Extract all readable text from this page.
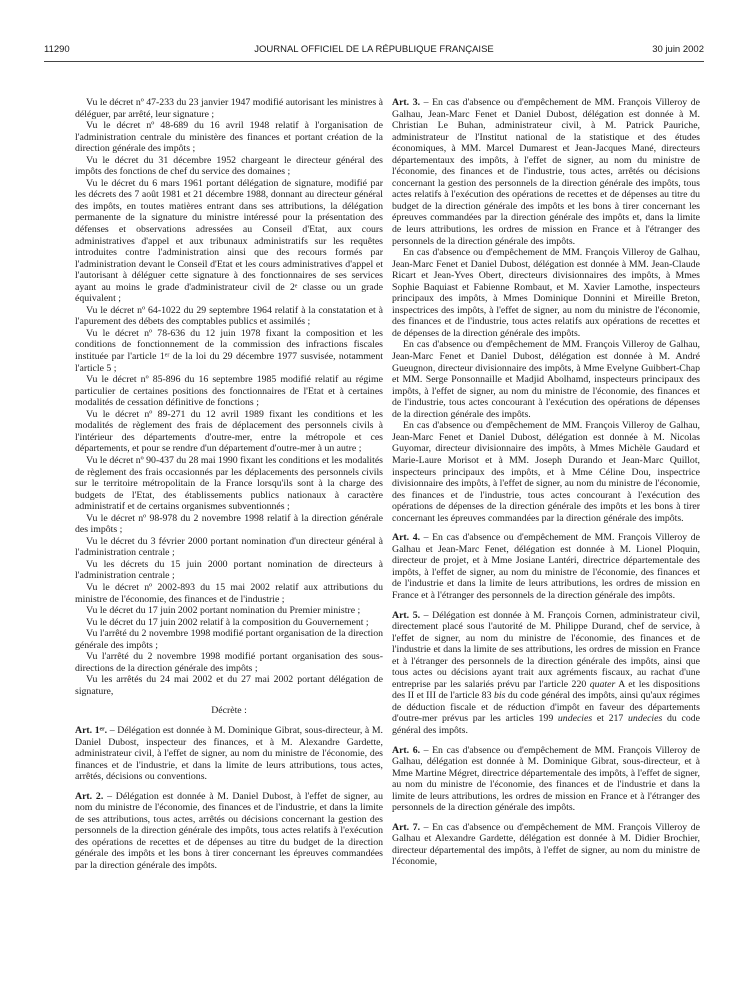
11290	JOURNAL OFFICIEL DE LA RÉPUBLIQUE FRANÇAISE	30 juin 2002

Vu le décret nº 47-233 du 23 janvier 1947 modifié autorisant les ministres à déléguer, par arrêté, leur signature ;

Vu le décret nº 48-689 du 16 avril 1948 relatif à l'organisation de l'administration centrale du ministère des finances et portant création de la direction générale des impôts ;

Vu le décret du 31 décembre 1952 chargeant le directeur général des impôts des fonctions de chef du service des domaines ;

Vu le décret du 6 mars 1961 portant délégation de signature, modifié par les décrets des 7 août 1981 et 21 décembre 1988, donnant au directeur général des impôts, en toutes matières entrant dans ses attributions, la délégation permanente de la signature du ministre intéressé pour la présentation des défenses et observations adressées au Conseil d'Etat, aux cours administratives d'appel et aux tribunaux administratifs sur les requêtes introduites contre l'administration ainsi que des recours formés par l'administration devant le Conseil d'Etat et les cours administratives d'appel et l'autorisant à déléguer cette signature à des fonctionnaires de ses services ayant au moins le grade d'administrateur civil de 2ᵉ classe ou un grade équivalent ;

Vu le décret nº 64-1022 du 29 septembre 1964 relatif à la constatation et à l'apurement des débets des comptables publics et assimilés ;

Vu le décret nº 78-636 du 12 juin 1978 fixant la composition et les conditions de fonctionnement de la commission des infractions fiscales instituée par l'article 1ᵉʳ de la loi du 29 décembre 1977 susvisée, notamment l'article 5 ;

Vu le décret nº 85-896 du 16 septembre 1985 modifié relatif au régime particulier de certaines positions des fonctionnaires de l'Etat et à certaines modalités de cessation définitive de fonctions ;

Vu le décret nº 89-271 du 12 avril 1989 fixant les conditions et les modalités de règlement des frais de déplacement des personnels civils à l'intérieur des départements d'outre-mer, entre la métropole et ces départements, et pour se rendre d'un département d'outre-mer à un autre ;

Vu le décret nº 90-437 du 28 mai 1990 fixant les conditions et les modalités de règlement des frais occasionnés par les déplacements des personnels civils sur le territoire métropolitain de la France lorsqu'ils sont à la charge des budgets de l'Etat, des établissements publics nationaux à caractère administratif et de certains organismes subventionnés ;

Vu le décret nº 98-978 du 2 novembre 1998 relatif à la direction générale des impôts ;

Vu le décret du 3 février 2000 portant nomination d'un directeur général à l'administration centrale ;

Vu les décrets du 15 juin 2000 portant nomination de directeurs à l'administration centrale ;

Vu le décret nº 2002-893 du 15 mai 2002 relatif aux attributions du ministre de l'économie, des finances et de l'industrie ;

Vu le décret du 17 juin 2002 portant nomination du Premier ministre ;

Vu le décret du 17 juin 2002 relatif à la composition du Gouvernement ;

Vu l'arrêté du 2 novembre 1998 modifié portant organisation de la direction générale des impôts ;

Vu l'arrêté du 2 novembre 1998 modifié portant organisation des sous-directions de la direction générale des impôts ;

Vu les arrêtés du 24 mai 2002 et du 27 mai 2002 portant délégation de signature,

Décrète :

Art. 1ᵉʳ. – Délégation est donnée à M. Dominique Gibrat, sous-directeur, à M. Daniel Dubost, inspecteur des finances, et à M. Alexandre Gardette, administrateur civil, à l'effet de signer, au nom du ministre de l'économie, des finances et de l'industrie, et dans la limite de leurs attributions, tous actes, arrêtés, décisions ou conventions.

Art. 2. – Délégation est donnée à M. Daniel Dubost, à l'effet de signer, au nom du ministre de l'économie, des finances et de l'industrie, et dans la limite de ses attributions, tous actes, arrêtés ou décisions concernant la gestion des personnels de la direction générale des impôts, tous actes relatifs à l'exécution des opérations de recettes et de dépenses au titre du budget de la direction générale des impôts et les bons à tirer concernant les épreuves commandées par la direction générale des impôts.

Art. 3. – En cas d'absence ou d'empêchement de MM. François Villeroy de Galhau, Jean-Marc Fenet et Daniel Dubost, délégation est donnée à M. Christian Le Buhan, administrateur civil, à M. Patrick Pauriche, administrateur de l'Institut national de la statistique et des études économiques, à MM. Marcel Dumarest et Jean-Jacques Mané, directeurs départementaux des impôts, à l'effet de signer, au nom du ministre de l'économie, des finances et de l'industrie, tous actes, arrêtés ou décisions concernant la gestion des personnels de la direction générale des impôts, tous actes relatifs à l'exécution des opérations de recettes et de dépenses au titre du budget de la direction générale des impôts et les bons à tirer concernant les épreuves commandées par la direction générale des impôts et, dans la limite de leurs attributions, les ordres de mission en France et à l'étranger des personnels de la direction générale des impôts.

En cas d'absence ou d'empêchement de MM. François Villeroy de Galhau, Jean-Marc Fenet et Daniel Dubost, délégation est donnée à MM. Jean-Claude Ricart et Jean-Yves Obert, directeurs divisionnaires des impôts, à Mmes Sophie Baquiast et Fabienne Rombaut, et M. Xavier Lamothe, inspecteurs principaux des impôts, à Mmes Dominique Donnini et Mireille Breton, inspectrices des impôts, à l'effet de signer, au nom du ministre de l'économie, des finances et de l'industrie, tous actes relatifs aux opérations de recettes et de dépenses de la direction générale des impôts.

En cas d'absence ou d'empêchement de MM. François Villeroy de Galhau, Jean-Marc Fenet et Daniel Dubost, délégation est donnée à M. André Gueugnon, directeur divisionnaire des impôts, à Mme Evelyne Guibbert-Chap et MM. Serge Ponsonnaille et Madjid Abolhamd, inspecteurs principaux des impôts, à l'effet de signer, au nom du ministre de l'économie, des finances et de l'industrie, tous actes concourant à l'exécution des opérations de dépenses de la direction générale des impôts.

En cas d'absence ou d'empêchement de MM. François Villeroy de Galhau, Jean-Marc Fenet et Daniel Dubost, délégation est donnée à M. Nicolas Guyomar, directeur divisionnaire des impôts, à Mmes Michèle Gaudard et Marie-Laure Morisot et à MM. Joseph Durando et Jean-Marc Quillot, inspecteurs principaux des impôts, et à Mme Céline Dou, inspectrice divisionnaire des impôts, à l'effet de signer, au nom du ministre de l'économie, des finances et de l'industrie, tous actes concourant à l'exécution des opérations de dépenses de la direction générale des impôts et les bons à tirer concernant les épreuves commandées par la direction générale des impôts.

Art. 4. – En cas d'absence ou d'empêchement de MM. François Villeroy de Galhau et Jean-Marc Fenet, délégation est donnée à M. Lionel Ploquin, directeur de projet, et à Mme Josiane Lantéri, directrice départementale des impôts, à l'effet de signer, au nom du ministre de l'économie, des finances et de l'industrie et dans la limite de leurs attributions, les ordres de mission en France et à l'étranger des personnels de la direction générale des impôts.

Art. 5. – Délégation est donnée à M. François Cornen, administrateur civil, directement placé sous l'autorité de M. Philippe Durand, chef de service, à l'effet de signer, au nom du ministre de l'économie, des finances et de l'industrie et dans la limite de ses attributions, les ordres de mission en France et à l'étranger des personnels de la direction générale des impôts, ainsi que tous actes ou décisions ayant trait aux agréments fiscaux, au rachat d'une entreprise par les salariés prévu par l'article 220 quater A et les dispositions des II et III de l'article 83 bis du code général des impôts, ainsi qu'aux régimes de déduction fiscale et de réduction d'impôt en faveur des départements d'outre-mer prévus par les articles 199 undecies et 217 undecies du code général des impôts.

Art. 6. – En cas d'absence ou d'empêchement de MM. François Villeroy de Galhau, délégation est donnée à M. Dominique Gibrat, sous-directeur, et à Mme Martine Mégret, directrice départementale des impôts, à l'effet de signer, au nom du ministre de l'économie, des finances et de l'industrie et dans la limite de leurs attributions, les ordres de mission en France et à l'étranger des personnels de la direction générale des impôts.

Art. 7. – En cas d'absence ou d'empêchement de MM. François Villeroy de Galhau et Alexandre Gardette, délégation est donnée à M. Didier Brochier, directeur départemental des impôts, à l'effet de signer, au nom du ministre de l'économie,
